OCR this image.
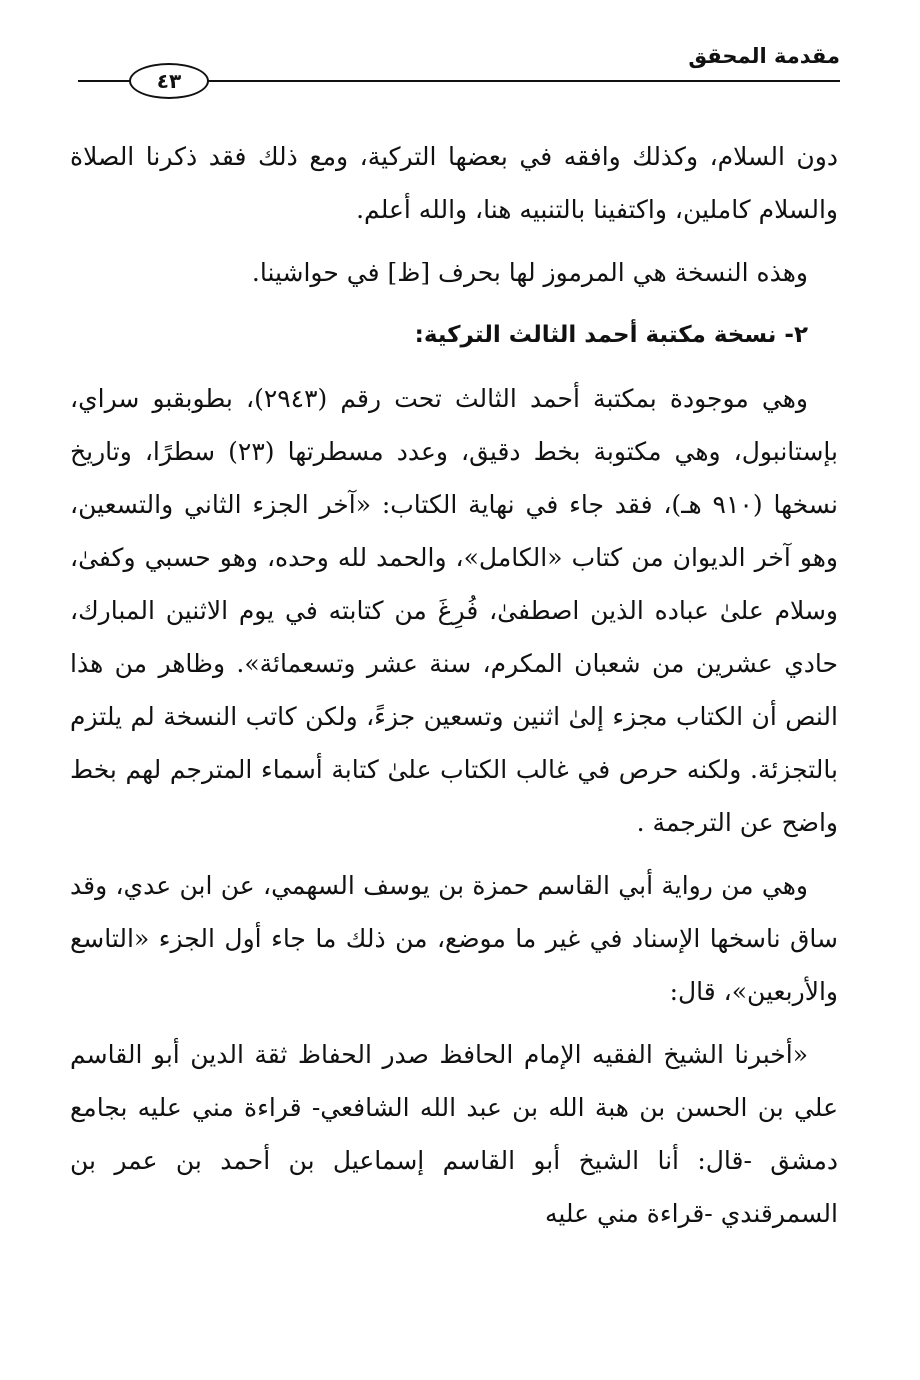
مقدمة المحقق
٤٣

دون السلام، وكذلك وافقه في بعضها التركية، ومع ذلك فقد ذكرنا الصلاة والسلام كاملين، واكتفينا بالتنبيه هنا، والله أعلم.

وهذه النسخة هي المرموز لها بحرف [ظ] في حواشينا.

٢- نسخة مكتبة أحمد الثالث التركية:

وهي موجودة بمكتبة أحمد الثالث تحت رقم (٢٩٤٣)، بطوبقبو سراي، بإستانبول، وهي مكتوبة بخط دقيق، وعدد مسطرتها (٢٣) سطرًا، وتاريخ نسخها (٩١٠ هـ)، فقد جاء في نهاية الكتاب: «آخر الجزء الثاني والتسعين، وهو آخر الديوان من كتاب «الكامل»، والحمد لله وحده، وهو حسبي وكفىٰ، وسلام علىٰ عباده الذين اصطفىٰ، فُرِغَ من كتابته في يوم الاثنين المبارك، حادي عشرين من شعبان المكرم، سنة عشر وتسعمائة». وظاهر من هذا النص أن الكتاب مجزء إلىٰ اثنين وتسعين جزءً، ولكن كاتب النسخة لم يلتزم بالتجزئة. ولكنه حرص في غالب الكتاب علىٰ كتابة أسماء المترجم لهم بخط واضح عن الترجمة .

وهي من رواية أبي القاسم حمزة بن يوسف السهمي، عن ابن عدي، وقد ساق ناسخها الإسناد في غير ما موضع، من ذلك ما جاء أول الجزء «التاسع والأربعين»، قال:

«أخبرنا الشيخ الفقيه الإمام الحافظ صدر الحفاظ ثقة الدين أبو القاسم علي بن الحسن بن هبة الله بن عبد الله الشافعي- قراءة مني عليه بجامع دمشق -قال: أنا الشيخ أبو القاسم إسماعيل بن أحمد بن عمر بن السمرقندي -قراءة مني عليه
